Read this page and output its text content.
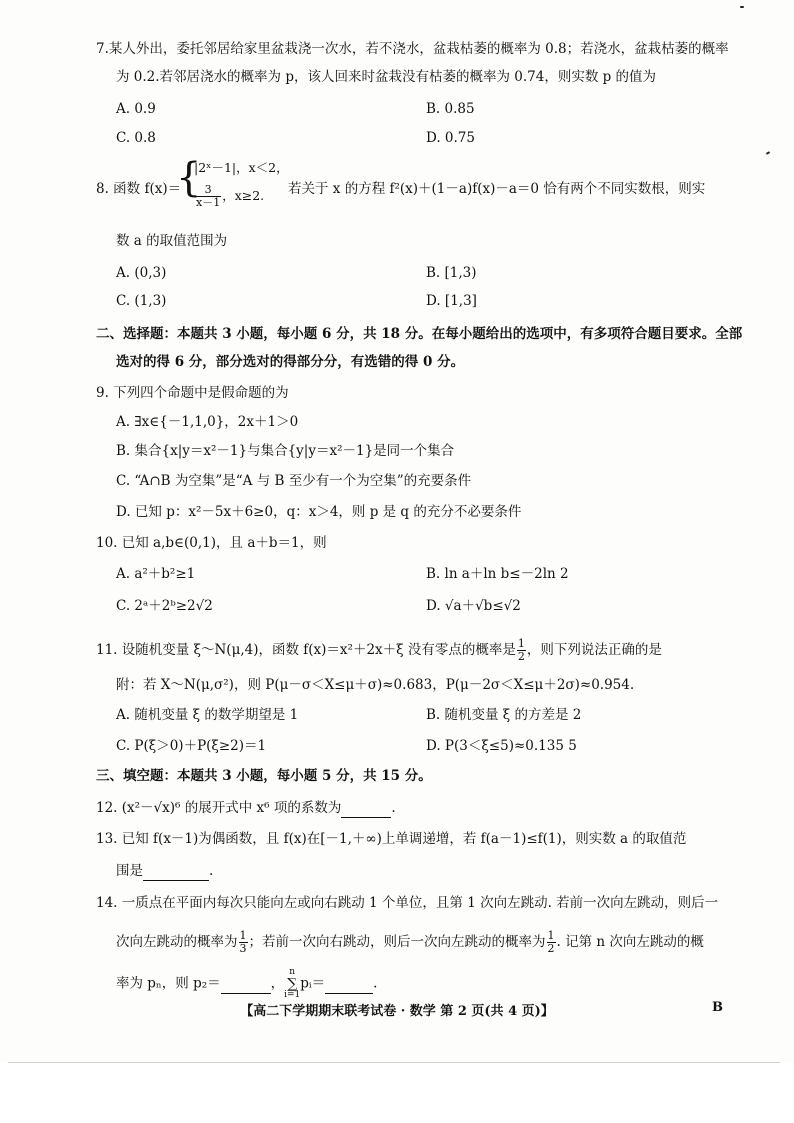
7.某人外出，委托邻居给家里盆栽浇一次水，若不浇水，盆栽枯萎的概率为 0.8；若浇水，盆栽枯萎的概率
为 0.2.若邻居浇水的概率为 p，该人回来时盆栽没有枯萎的概率为 0.74，则实数 p 的值为
A. 0.9	B. 0.85
C. 0.8	D. 0.75
8. 函数 f(x)＝
{
|2ˣ－1|，x＜2，
$\frac{3}{x-1}$ ，x≥2. 若关于 x 的方程 f²(x)＋(1－a)f(x)－a＝0 恰有两个不同实数根，则实
数 a 的取值范围为
A. (0,3)	B. [1,3)
C. (1,3)	D. [1,3]
二、选择题：本题共 3 小题，每小题 6 分，共 18 分。在每小题给出的选项中，有多项符合题目要求。全部
选对的得 6 分，部分选对的得部分分，有选错的得 0 分。
9. 下列四个命题中是假命题的为
A. ∃x∈{－1,1,0}，2x＋1＞0
B. 集合{x|y＝x²－1}与集合{y|y＝x²－1}是同一个集合
C. “A∩B 为空集”是“A 与 B 至少有一个为空集”的充要条件
D. 已知 p：x²－5x＋6≥0，q：x＞4，则 p 是 q 的充分不必要条件
10. 已知 a,b∈(0,1)，且 a＋b＝1，则
A. a²＋b²≥1	B. ln a＋ln b≤－2ln 2
C. 2ᵃ＋2ᵇ≥2√2	D. √a＋√b≤√2
11. 设随机变量 ξ～N(μ,4)，函数 f(x)＝x²＋2x＋ξ 没有零点的概率是 $\frac{1}{2}$ ，则下列说法正确的是
附：若 X～N(μ,σ²)，则 P(μ－σ＜X≤μ＋σ)≈0.683，P(μ－2σ＜X≤μ＋2σ)≈0.954.
A. 随机变量 ξ 的数学期望是 1	B. 随机变量 ξ 的方差是 2
C. P(ξ＞0)＋P(ξ≥2)＝1	D. P(3＜ξ≤5)≈0.135 5
三、填空题：本题共 3 小题，每小题 5 分，共 15 分。
12. (x²－√x)⁶ 的展开式中 x⁶ 项的系数为	.
13. 已知 f(x－1)为偶函数，且 f(x)在[－1,＋∞)上单调递增，若 f(a－1)≤f(1)，则实数 a 的取值范
围是	.
14. 一质点在平面内每次只能向左或向右跳动 1 个单位，且第 1 次向左跳动. 若前一次向左跳动，则后一
次向左跳动的概率为 $\frac{1}{3}$ ；若前一次向右跳动，则后一次向左跳动的概率为 $\frac{1}{2}$ . 记第 n 次向左跳动的概
率为 pₙ，则 p₂＝	，n
∑
i=1pᵢ＝	.
【高二下学期期末联考试卷 · 数学 第 2 页(共 4 页)】	B
